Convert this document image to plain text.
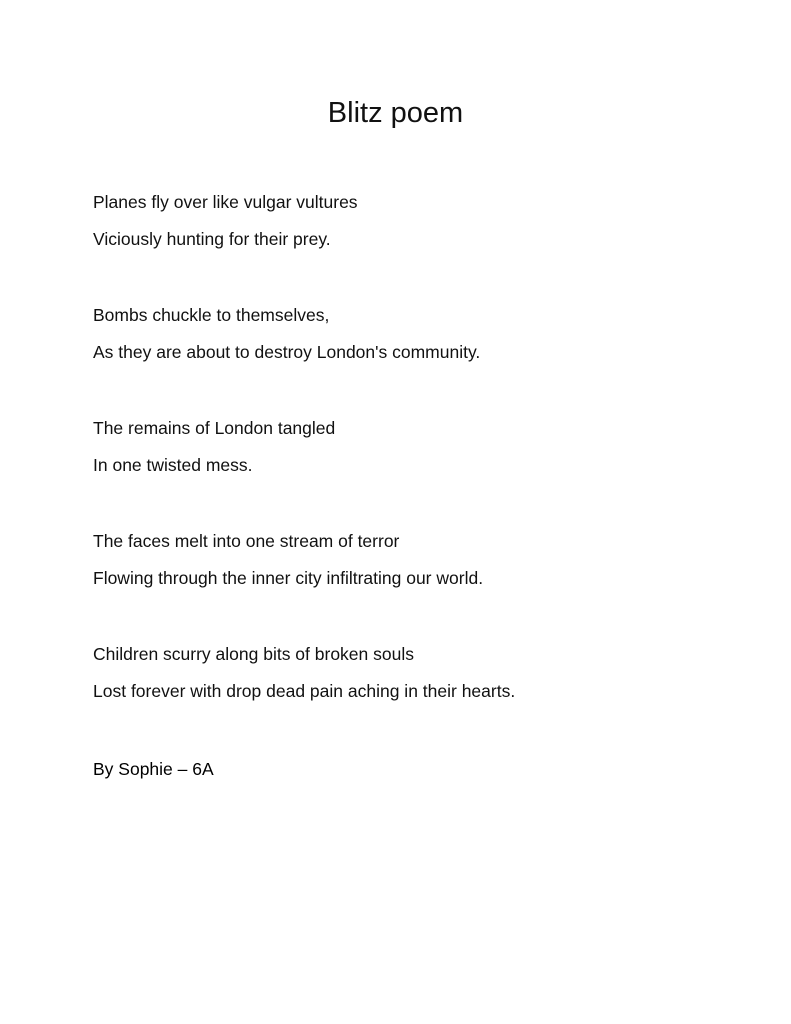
Blitz poem
Planes fly over like vulgar vultures
Viciously hunting for their prey.
Bombs chuckle to themselves,
As they are about to destroy London's community.
The remains of London tangled
In one twisted mess.
The faces melt into one stream of terror
Flowing through the inner city infiltrating our world.
Children scurry along bits of broken souls
Lost forever with drop dead pain aching in their hearts.
By Sophie – 6A
